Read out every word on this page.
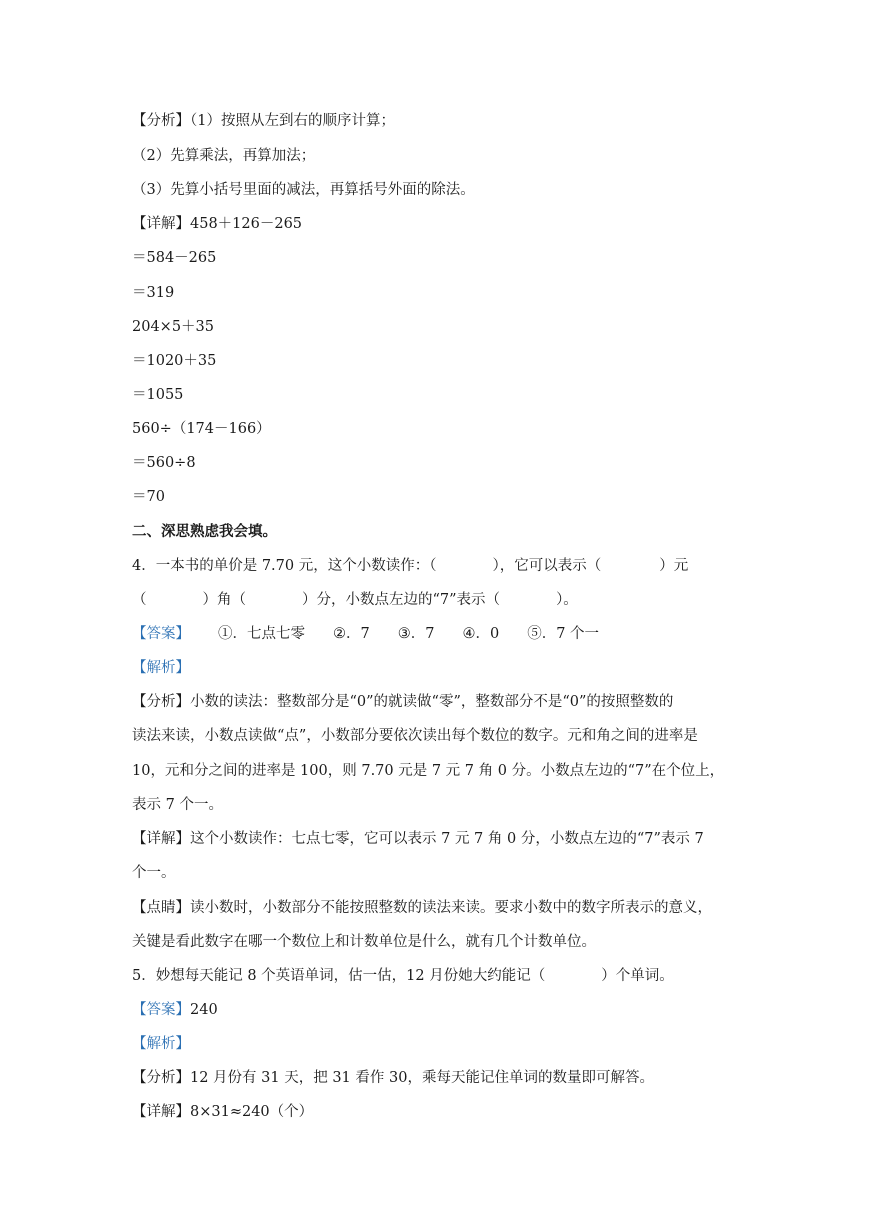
【分析】（1）按照从左到右的顺序计算；
（2）先算乘法，再算加法；
（3）先算小括号里面的减法，再算括号外面的除法。
【详解】458＋126－265
＝584－265
＝319
204×5＋35
＝1020＋35
＝1055
560÷（174－166）
＝560÷8
＝70
二、深思熟虑我会填。
4．一本书的单价是 7.70 元，这个小数读作：（	），它可以表示（	）元
（	）角（	）分，小数点左边的“7”表示（	）。
【答案】 ①．七点七零 ②．7 ③．7 ④．0 ⑤．7 个一
【解析】
【分析】小数的读法：整数部分是“0”的就读做“零”，整数部分不是“0”的按照整数的
读法来读，小数点读做“点”，小数部分要依次读出每个数位的数字。元和角之间的进率是
10，元和分之间的进率是 100，则 7.70 元是 7 元 7 角 0 分。小数点左边的“7”在个位上，
表示 7 个一。
【详解】这个小数读作：七点七零，它可以表示 7 元 7 角 0 分，小数点左边的“7”表示 7
个一。
【点睛】读小数时，小数部分不能按照整数的读法来读。要求小数中的数字所表示的意义，
关键是看此数字在哪一个数位上和计数单位是什么，就有几个计数单位。
5．妙想每天能记 8 个英语单词，估一估，12 月份她大约能记（	）个单词。
【答案】240
【解析】
【分析】12 月份有 31 天，把 31 看作 30，乘每天能记住单词的数量即可解答。
【详解】8×31≈240（个）
